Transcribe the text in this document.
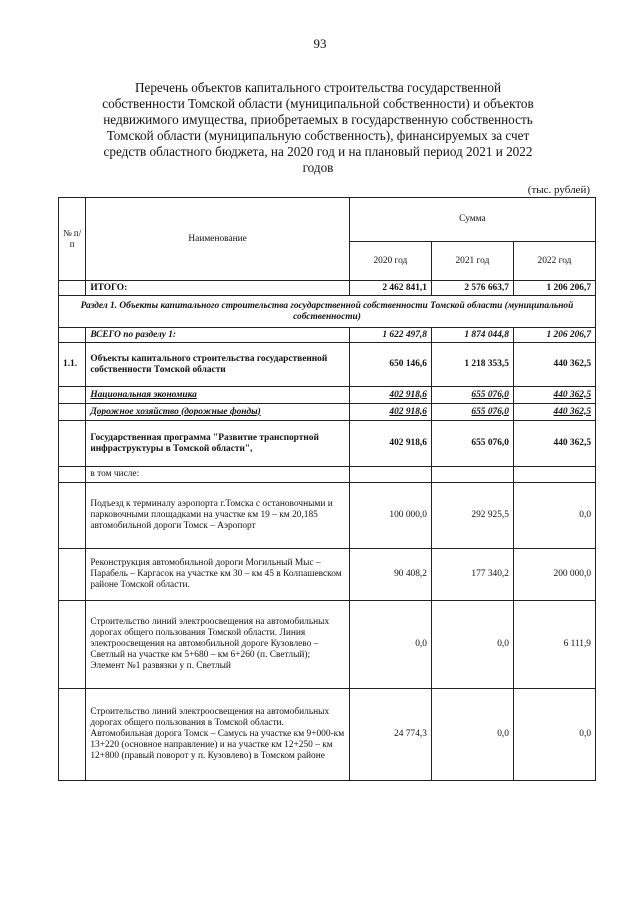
93
Перечень объектов капитального строительства государственной
собственности Томской области (муниципальной собственности) и объектов
недвижимого имущества, приобретаемых в государственную собственность
Томской области (муниципальную собственность), финансируемых за счет
средств областного бюджета, на 2020 год и на плановый период 2021 и 2022
годов
(тыс. рублей)
№ п/п	Наименование	Сумма		
		2020 год	2021 год	2022 год
	ИТОГО:	2 462 841,1	2 576 663,7	1 206 206,7
Раздел 1. Объекты капитального строительства государственной собственности Томской области (муниципальной собственности)				
	ВСЕГО по разделу 1:	1 622 497,8	1 874 044,8	1 206 206,7
1.1.	Объекты капитального строительства государственной собственности Томской области	650 146,6	1 218 353,5	440 362,5
	Национальная экономика	402 918,6	655 076,0	440 362,5
	Дорожное хозяйство (дорожные фонды)	402 918,6	655 076,0	440 362,5
	Государственная программа "Развитие транспортной инфраструктуры в Томской области",	402 918,6	655 076,0	440 362,5
	в том числе:			
	Подъезд к терминалу аэропорта г.Томска с остановочными и парковочными площадками на участке км 19 – км 20,185 автомобильной дороги Томск – Аэропорт	100 000,0	292 925,5	0,0
	Реконструкция автомобильной дороги Могильный Мыс – Парабель – Каргасок на участке км 30 – км 45 в Колпашевском районе Томской области.	90 408,2	177 340,2	200 000,0
	Строительство линий электроосвещения на автомобильных дорогах общего пользования Томской области. Линия электроосвещения на автомобильной дороге Кузовлево – Светлый на участке км 5+680 – км 6+260 (п. Светлый); Элемент №1 развязки у п. Светлый	0,0	0,0	6 111,9
	Строительство линий электроосвещения на автомобильных дорогах общего пользования в Томской области. Автомобильная дорога Томск – Самусь на участке км 9+000-км 13+220 (основное направление) и на участке км 12+250 – км 12+800 (правый поворот у п. Кузовлево) в Томском районе	24 774,3	0,0	0,0
